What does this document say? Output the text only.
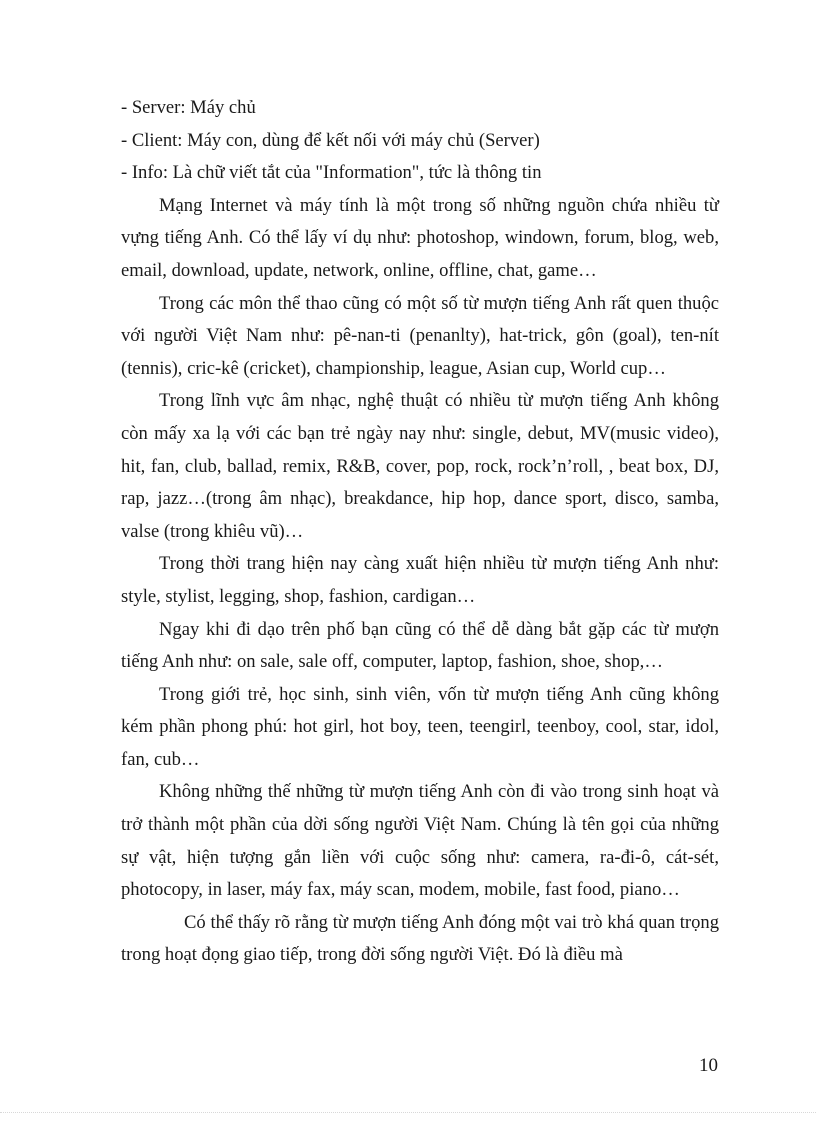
- Server: Máy chủ

- Client: Máy con, dùng để kết nối với máy chủ (Server)

- Info: Là chữ viết tắt của "Information", tức là thông tin

Mạng Internet và máy tính là một trong số những nguồn chứa nhiều từ vựng tiếng Anh. Có thể lấy ví dụ như: photoshop, windown, forum, blog, web, email, download, update, network, online, offline, chat, game…

Trong các môn thể thao cũng có một số từ mượn tiếng Anh rất quen thuộc với người Việt Nam như: pê-nan-ti (penanlty), hat-trick, gôn (goal), ten-nít (tennis), cric-kê (cricket), championship, league, Asian cup, World cup…

Trong lĩnh vực âm nhạc, nghệ thuật có nhiều từ mượn tiếng Anh không còn mấy xa lạ với các bạn trẻ ngày nay như: single, debut, MV(music video), hit, fan, club, ballad, remix, R&B, cover, pop, rock, rock’n’roll, , beat box, DJ, rap, jazz…(trong âm nhạc), breakdance, hip hop, dance sport, disco, samba, valse (trong khiêu vũ)…

Trong thời trang hiện nay càng xuất hiện nhiều từ mượn tiếng Anh như: style, stylist, legging, shop, fashion, cardigan…

Ngay khi đi dạo trên phố bạn cũng có thể dễ dàng bắt gặp các từ mượn tiếng Anh như: on sale, sale off, computer, laptop, fashion, shoe, shop,…

Trong giới trẻ, học sinh, sinh viên, vốn từ mượn tiếng Anh cũng không kém phần phong phú: hot girl, hot boy, teen, teengirl, teenboy, cool, star, idol, fan, cub…

Không những thế những từ mượn tiếng Anh còn đi vào trong sinh hoạt và trở thành một phần của dời sống người Việt Nam. Chúng là tên gọi của những sự vật, hiện tượng gắn liền với cuộc sống như: camera, ra-đi-ô, cát-sét, photocopy, in laser, máy fax, máy scan, modem, mobile, fast food, piano…

Có thể thấy rõ rằng từ mượn tiếng Anh đóng một vai trò khá quan trọng trong hoạt đọng giao tiếp, trong đời sống người Việt. Đó là điều mà

10
